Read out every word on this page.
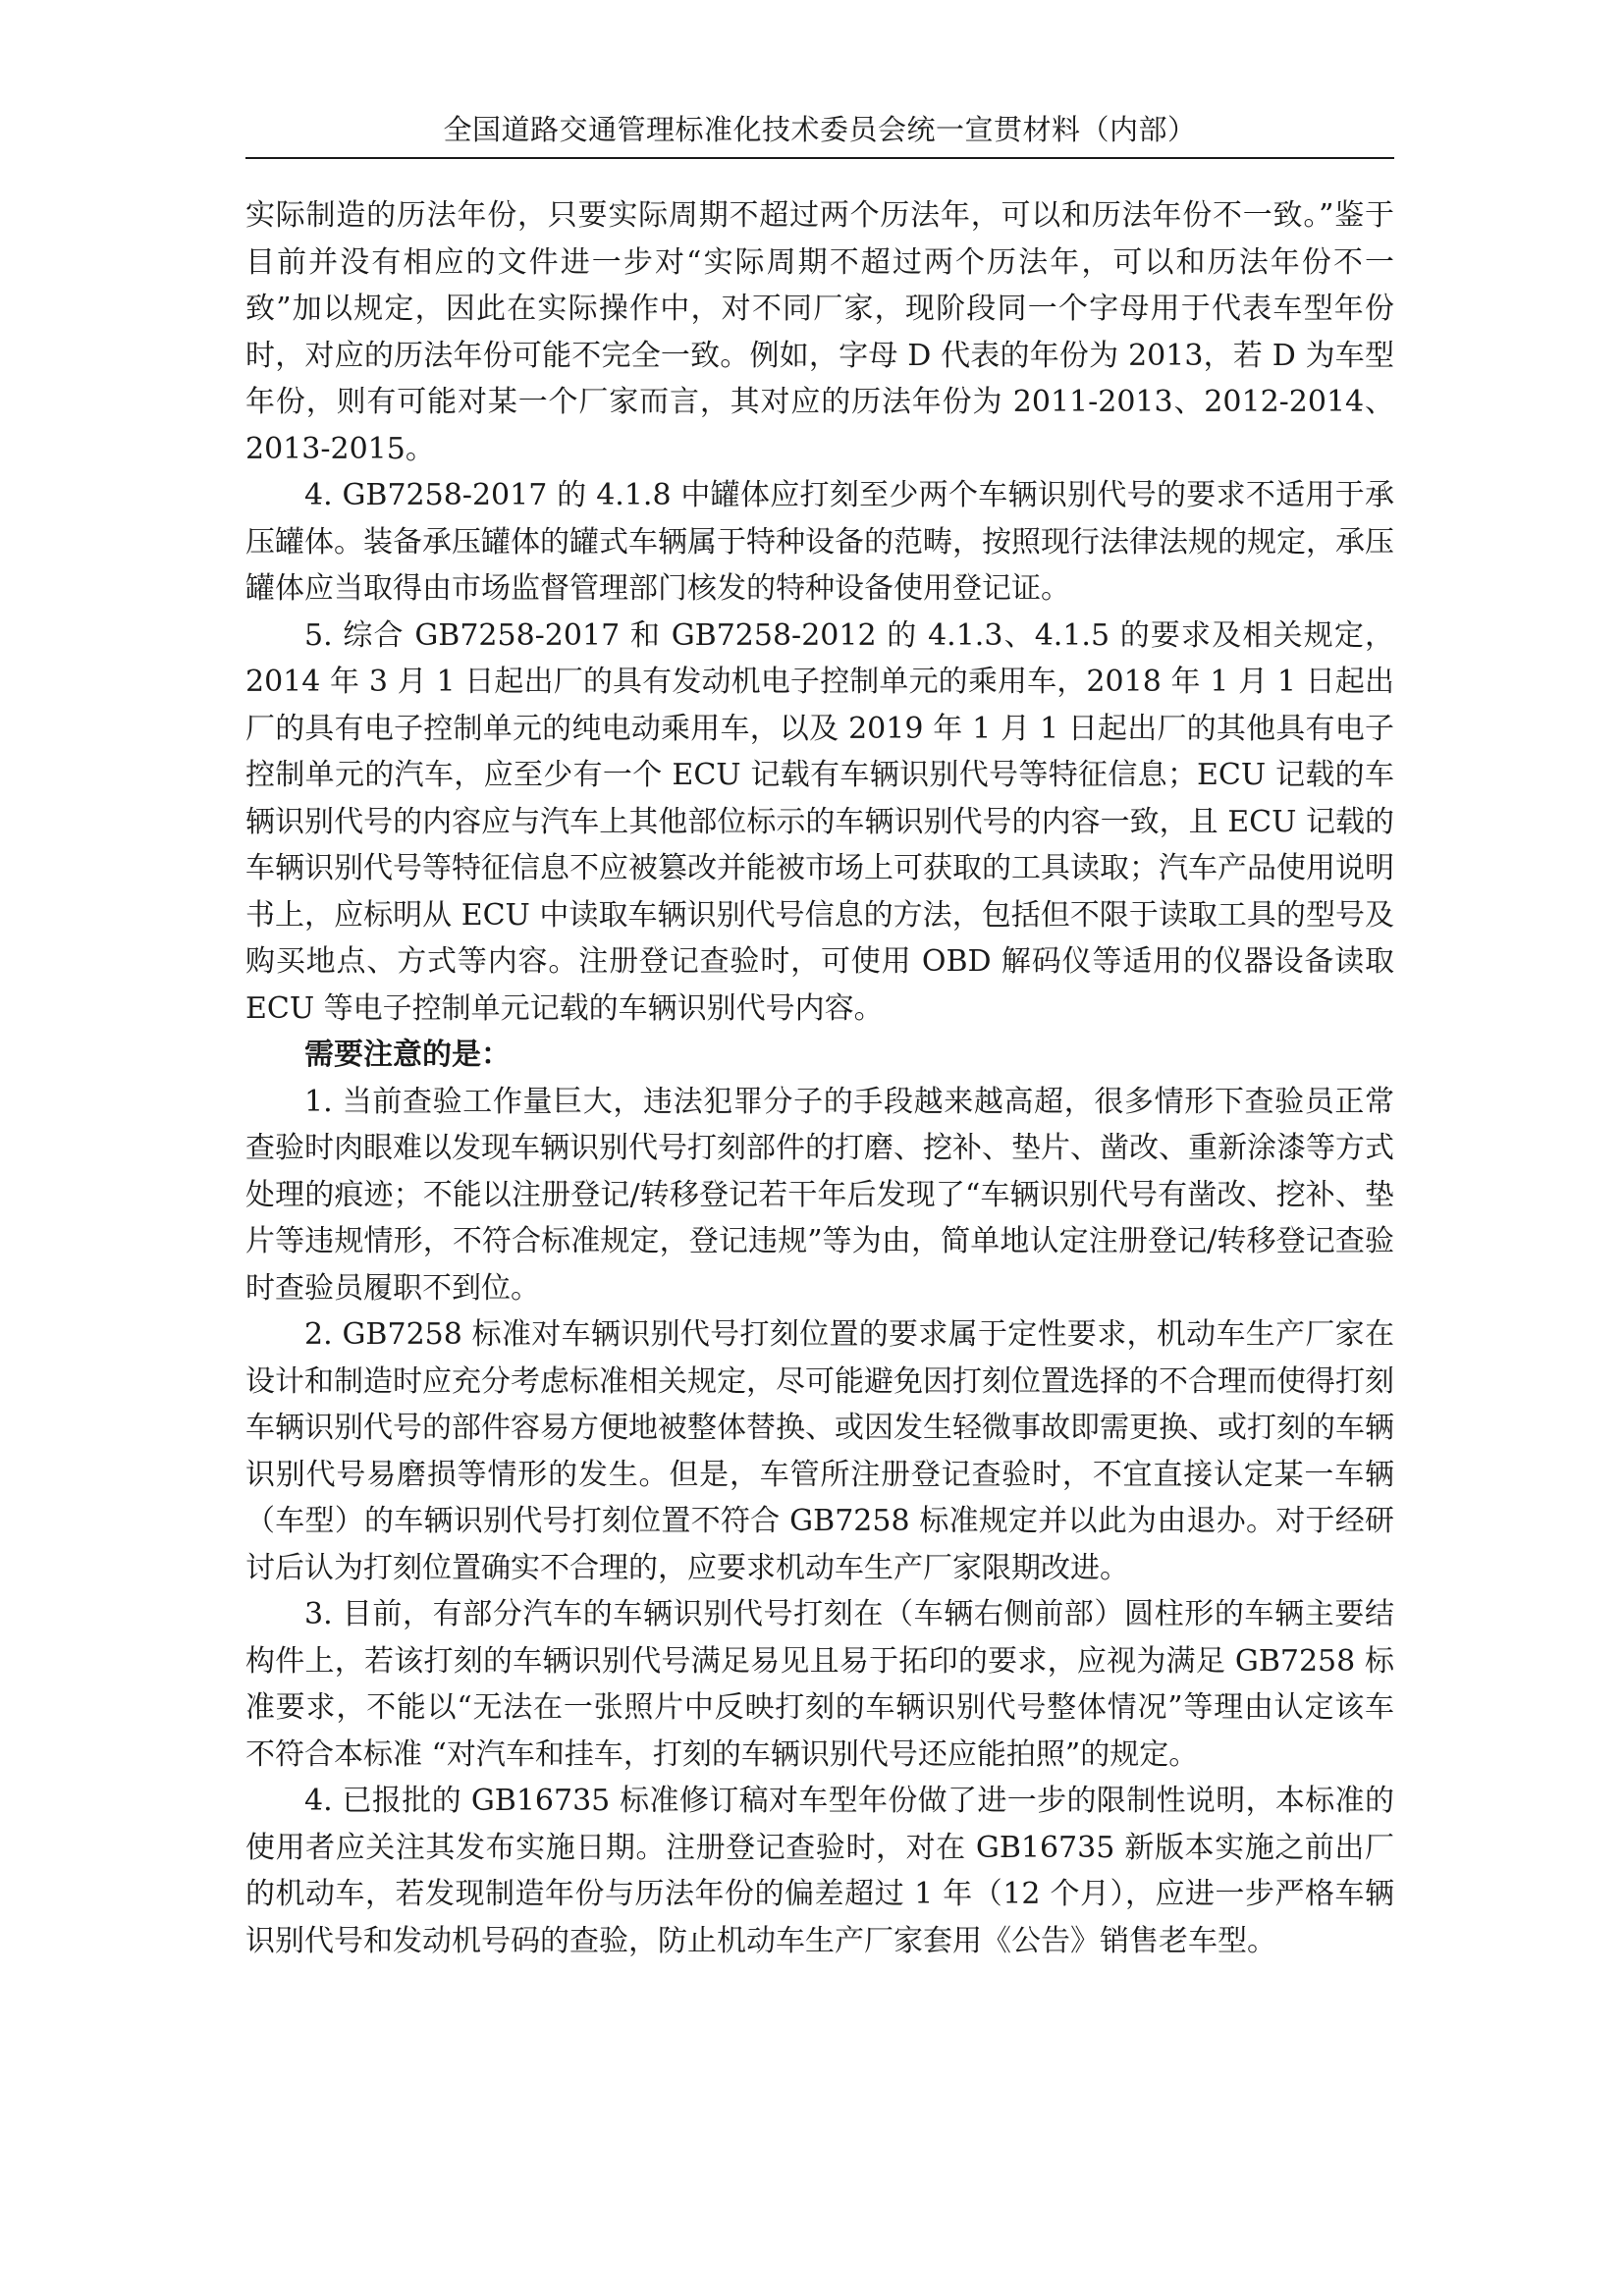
全国道路交通管理标准化技术委员会统一宣贯材料（内部）

实际制造的历法年份，只要实际周期不超过两个历法年，可以和历法年份不一致。”鉴于目前并没有相应的文件进一步对“实际周期不超过两个历法年，可以和历法年份不一致”加以规定，因此在实际操作中，对不同厂家，现阶段同一个字母用于代表车型年份时，对应的历法年份可能不完全一致。例如，字母 D 代表的年份为 2013，若 D 为车型年份，则有可能对某一个厂家而言，其对应的历法年份为 2011-2013、2012-2014、2013-2015。

4. GB7258-2017 的 4.1.8 中罐体应打刻至少两个车辆识别代号的要求不适用于承压罐体。装备承压罐体的罐式车辆属于特种设备的范畴，按照现行法律法规的规定，承压罐体应当取得由市场监督管理部门核发的特种设备使用登记证。

5. 综合 GB7258-2017 和 GB7258-2012 的 4.1.3、4.1.5 的要求及相关规定，2014 年 3 月 1 日起出厂的具有发动机电子控制单元的乘用车，2018 年 1 月 1 日起出厂的具有电子控制单元的纯电动乘用车，以及 2019 年 1 月 1 日起出厂的其他具有电子控制单元的汽车，应至少有一个 ECU 记载有车辆识别代号等特征信息；ECU 记载的车辆识别代号的内容应与汽车上其他部位标示的车辆识别代号的内容一致，且 ECU 记载的车辆识别代号等特征信息不应被篡改并能被市场上可获取的工具读取；汽车产品使用说明书上，应标明从 ECU 中读取车辆识别代号信息的方法，包括但不限于读取工具的型号及购买地点、方式等内容。注册登记查验时，可使用 OBD 解码仪等适用的仪器设备读取 ECU 等电子控制单元记载的车辆识别代号内容。

需要注意的是：

1. 当前查验工作量巨大，违法犯罪分子的手段越来越高超，很多情形下查验员正常查验时肉眼难以发现车辆识别代号打刻部件的打磨、挖补、垫片、凿改、重新涂漆等方式处理的痕迹；不能以注册登记/转移登记若干年后发现了“车辆识别代号有凿改、挖补、垫片等违规情形，不符合标准规定，登记违规”等为由，简单地认定注册登记/转移登记查验时查验员履职不到位。

2. GB7258 标准对车辆识别代号打刻位置的要求属于定性要求，机动车生产厂家在设计和制造时应充分考虑标准相关规定，尽可能避免因打刻位置选择的不合理而使得打刻车辆识别代号的部件容易方便地被整体替换、或因发生轻微事故即需更换、或打刻的车辆识别代号易磨损等情形的发生。但是，车管所注册登记查验时，不宜直接认定某一车辆（车型）的车辆识别代号打刻位置不符合 GB7258 标准规定并以此为由退办。对于经研讨后认为打刻位置确实不合理的，应要求机动车生产厂家限期改进。

3. 目前，有部分汽车的车辆识别代号打刻在（车辆右侧前部）圆柱形的车辆主要结构件上，若该打刻的车辆识别代号满足易见且易于拓印的要求，应视为满足 GB7258 标准要求，不能以“无法在一张照片中反映打刻的车辆识别代号整体情况”等理由认定该车不符合本标准 “对汽车和挂车，打刻的车辆识别代号还应能拍照”的规定。

4. 已报批的 GB16735 标准修订稿对车型年份做了进一步的限制性说明，本标准的使用者应关注其发布实施日期。注册登记查验时，对在 GB16735 新版本实施之前出厂的机动车，若发现制造年份与历法年份的偏差超过 1 年（12 个月），应进一步严格车辆识别代号和发动机号码的查验，防止机动车生产厂家套用《公告》销售老车型。
